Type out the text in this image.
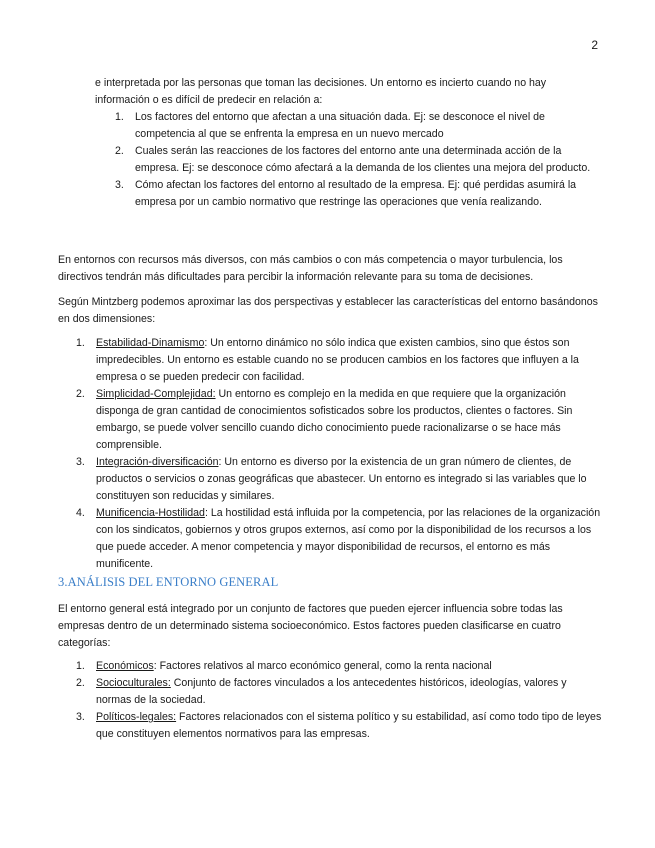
2

e interpretada por las personas que toman las decisiones. Un entorno es incierto cuando no hay información o es difícil de predecir en relación a:

1. Los factores del entorno que afectan a una situación dada. Ej: se desconoce el nivel de competencia al que se enfrenta la empresa en un nuevo mercado
2. Cuales serán las reacciones de los factores del entorno ante una determinada acción de la empresa. Ej: se desconoce cómo afectará a la demanda de los clientes una mejora del producto.
3. Cómo afectan los factores del entorno al resultado de la empresa. Ej: qué perdidas asumirá la empresa por un cambio normativo que restringe las operaciones que venía realizando.

En entornos con recursos más diversos, con más cambios o con más competencia o mayor turbulencia, los directivos tendrán más dificultades para percibir la información relevante para su toma de decisiones.

Según Mintzberg podemos aproximar las dos perspectivas y establecer las características del entorno basándonos en dos dimensiones:

1. Estabilidad-Dinamismo: Un entorno dinámico no sólo indica que existen cambios, sino que éstos son impredecibles. Un entorno es estable cuando no se producen cambios en los factores que influyen a la empresa o se pueden predecir con facilidad.
2. Simplicidad-Complejidad: Un entorno es complejo en la medida en que requiere que la organización disponga de gran cantidad de conocimientos sofisticados sobre los productos, clientes o factores. Sin embargo, se puede volver sencillo cuando dicho conocimiento puede racionalizarse o se hace más comprensible.
3. Integración-diversificación: Un entorno es diverso por la existencia de un gran número de clientes, de productos o servicios o zonas geográficas que abastecer. Un entorno es integrado si las variables que lo constituyen son reducidas y similares.
4. Munificencia-Hostilidad: La hostilidad está influida por la competencia, por las relaciones de la organización con los sindicatos, gobiernos y otros grupos externos, así como por la disponibilidad de los recursos a los que puede acceder. A menor competencia y mayor disponibilidad de recursos, el entorno es más munificente.
3.ANÁLISIS DEL ENTORNO GENERAL

El entorno general está integrado por un conjunto de factores que pueden ejercer influencia sobre todas las empresas dentro de un determinado sistema socioeconómico. Estos factores pueden clasificarse en cuatro categorías:

1. Económicos: Factores relativos al marco económico general, como la renta nacional
2. Socioculturales: Conjunto de factores vinculados a los antecedentes históricos, ideologías, valores y normas de la sociedad.
3. Políticos-legales: Factores relacionados con el sistema político y su estabilidad, así como todo tipo de leyes que constituyen elementos normativos para las empresas.
